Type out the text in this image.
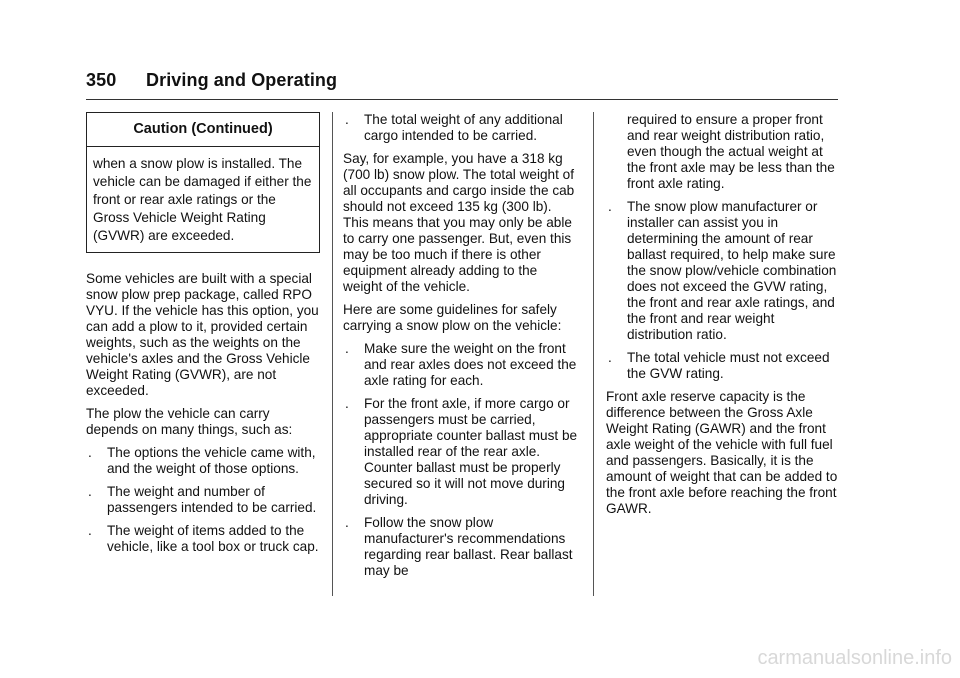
350 Driving and Operating
Caution (Continued)
when a snow plow is installed. The vehicle can be damaged if either the front or rear axle ratings or the Gross Vehicle Weight Rating (GVWR) are exceeded.

Some vehicles are built with a special snow plow prep package, called RPO VYU. If the vehicle has this option, you can add a plow to it, provided certain weights, such as the weights on the vehicle's axles and the Gross Vehicle Weight Rating (GVWR), are not exceeded.

The plow the vehicle can carry depends on many things, such as:

. The options the vehicle came with, and the weight of those options.
. The weight and number of passengers intended to be carried.
. The weight of items added to the vehicle, like a tool box or truck cap.
. The total weight of any additional cargo intended to be carried.

Say, for example, you have a 318 kg (700 lb) snow plow. The total weight of all occupants and cargo inside the cab should not exceed 135 kg (300 lb). This means that you may only be able to carry one passenger. But, even this may be too much if there is other equipment already adding to the weight of the vehicle.

Here are some guidelines for safely carrying a snow plow on the vehicle:

. Make sure the weight on the front and rear axles does not exceed the axle rating for each.
. For the front axle, if more cargo or passengers must be carried, appropriate counter ballast must be installed rear of the rear axle. Counter ballast must be properly secured so it will not move during driving.
. Follow the snow plow manufacturer's recommendations regarding rear ballast. Rear ballast may be

required to ensure a proper front and rear weight distribution ratio, even though the actual weight at the front axle may be less than the front axle rating.

. The snow plow manufacturer or installer can assist you in determining the amount of rear ballast required, to help make sure the snow plow/vehicle combination does not exceed the GVW rating, the front and rear axle ratings, and the front and rear weight distribution ratio.
. The total vehicle must not exceed the GVW rating.

Front axle reserve capacity is the difference between the Gross Axle Weight Rating (GAWR) and the front axle weight of the vehicle with full fuel and passengers. Basically, it is the amount of weight that can be added to the front axle before reaching the front GAWR.

carmanualsonline.info
